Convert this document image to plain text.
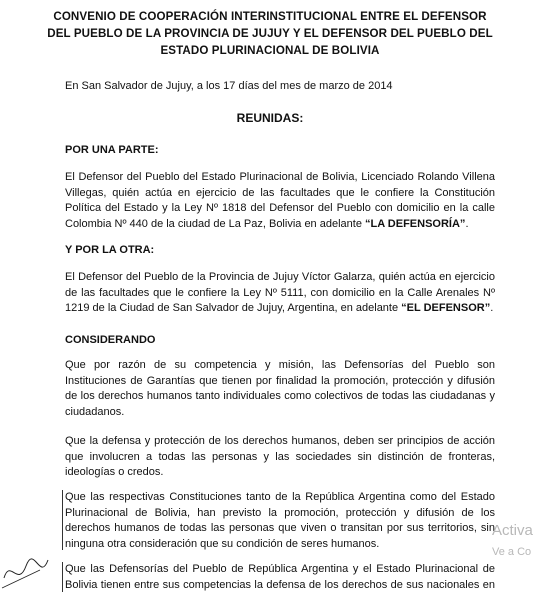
CONVENIO DE COOPERACIÓN INTERINSTITUCIONAL ENTRE EL DEFENSOR
DEL PUEBLO DE LA PROVINCIA DE JUJUY Y EL DEFENSOR DEL PUEBLO DEL
ESTADO PLURINACIONAL DE BOLIVIA
En San Salvador de Jujuy, a los 17 días del mes de marzo de 2014
REUNIDAS:
POR UNA PARTE:
El Defensor del Pueblo del Estado Plurinacional de Bolivia, Licenciado Rolando Villena
Villegas, quién actúa en ejercicio de las facultades que le confiere la Constitución
Política del Estado y la Ley Nº 1818 del Defensor del Pueblo con domicilio en la calle
Colombia Nº 440 de la ciudad de La Paz, Bolivia en adelante “LA DEFENSORÍA”.
Y POR LA OTRA:
El Defensor del Pueblo de la Provincia de Jujuy Víctor Galarza, quién actúa en ejercicio
de las facultades que le confiere la Ley Nº 5111, con domicilio en la Calle Arenales Nº
1219 de la Ciudad de San Salvador de Jujuy, Argentina, en adelante “EL DEFENSOR”.
CONSIDERANDO
Que por razón de su competencia y misión, las Defensorías del Pueblo son
Instituciones de Garantías que tienen por finalidad la promoción, protección y difusión
de los derechos humanos tanto individuales como colectivos de todas las ciudadanas y
ciudadanos.
Que la defensa y protección de los derechos humanos, deben ser principios de acción
que involucren a todas las personas y las sociedades sin distinción de fronteras,
ideologías o credos.
Que las respectivas Constituciones tanto de la República Argentina como del Estado
Plurinacional de Bolivia, han previsto la promoción, protección y difusión de los
derechos humanos de todas las personas que viven o transitan por sus territorios, sin
ninguna otra consideración que su condición de seres humanos.
Que las Defensorías del Pueblo de República Argentina y el Estado Plurinacional de
Bolivia tienen entre sus competencias la defensa de los derechos de sus nacionales en
Activa
Ve a Co
